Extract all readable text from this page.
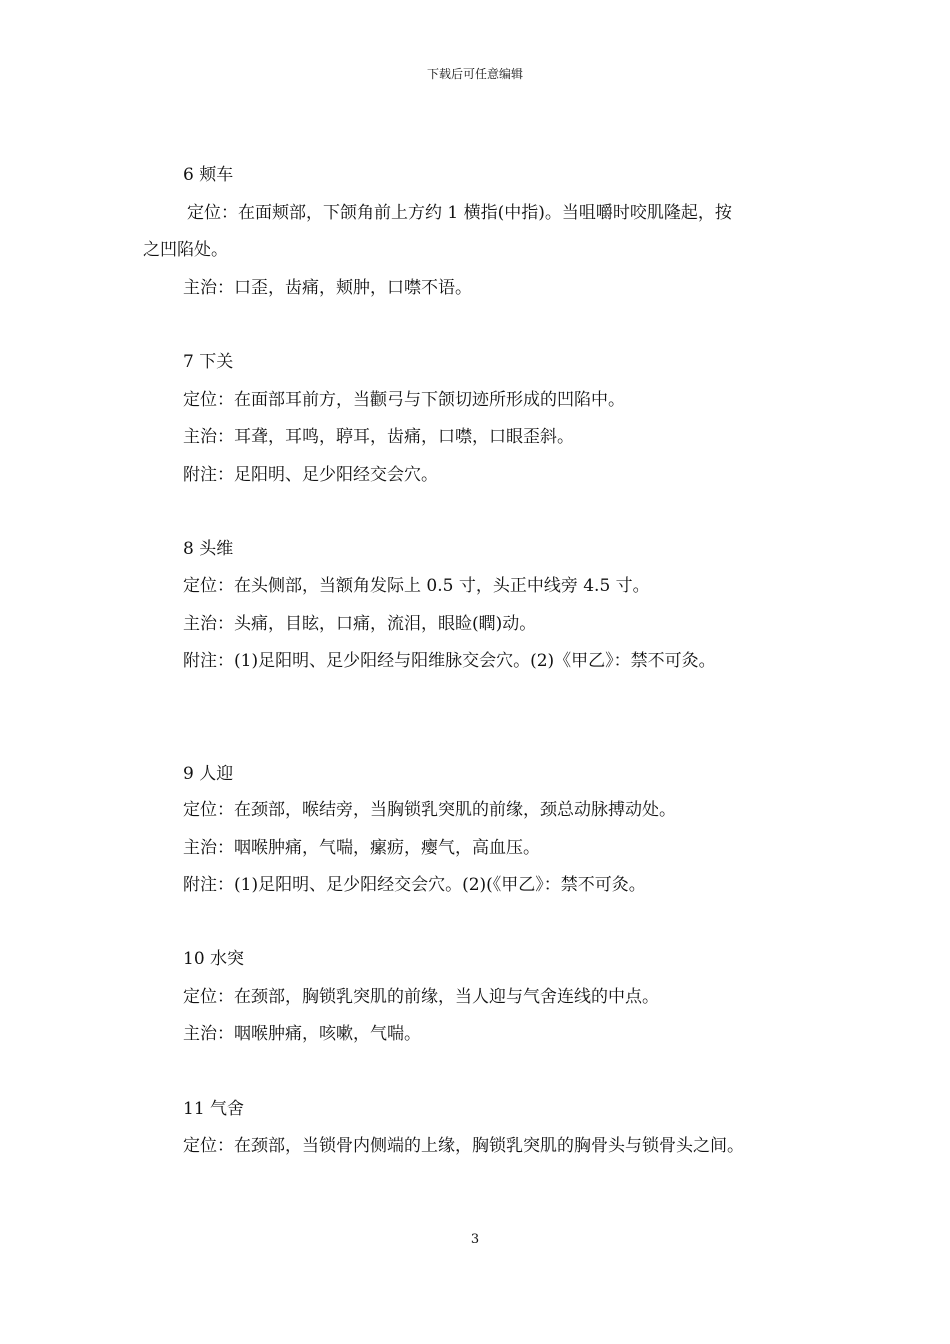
下载后可任意编辑
6 颊车
定位：在面颊部，下颌角前上方约 1 横指(中指)。当咀嚼时咬肌隆起，按
之凹陷处。
主治：口歪，齿痛，颊肿，口噤不语。
7 下关
定位：在面部耳前方，当颧弓与下颌切迹所形成的凹陷中。
主治：耳聋，耳鸣，聤耳，齿痛，口噤，口眼歪斜。
附注：足阳明、足少阳经交会穴。
8 头维
定位：在头侧部，当额角发际上 0.5 寸，头正中线旁 4.5 寸。
主治：头痛，目眩，口痛，流泪，眼睑(瞤)动。
附注：(1)足阳明、足少阳经与阳维脉交会穴。(2)《甲乙》：禁不可灸。
9 人迎
定位：在颈部，喉结旁，当胸锁乳突肌的前缘，颈总动脉搏动处。
主治：咽喉肿痛，气喘，瘰疬，瘿气，高血压。
附注：(1)足阳明、足少阳经交会穴。(2)(《甲乙》：禁不可灸。
10 水突
定位：在颈部，胸锁乳突肌的前缘，当人迎与气舍连线的中点。
主治：咽喉肿痛，咳嗽，气喘。
11 气舍
定位：在颈部，当锁骨内侧端的上缘，胸锁乳突肌的胸骨头与锁骨头之间。
3
